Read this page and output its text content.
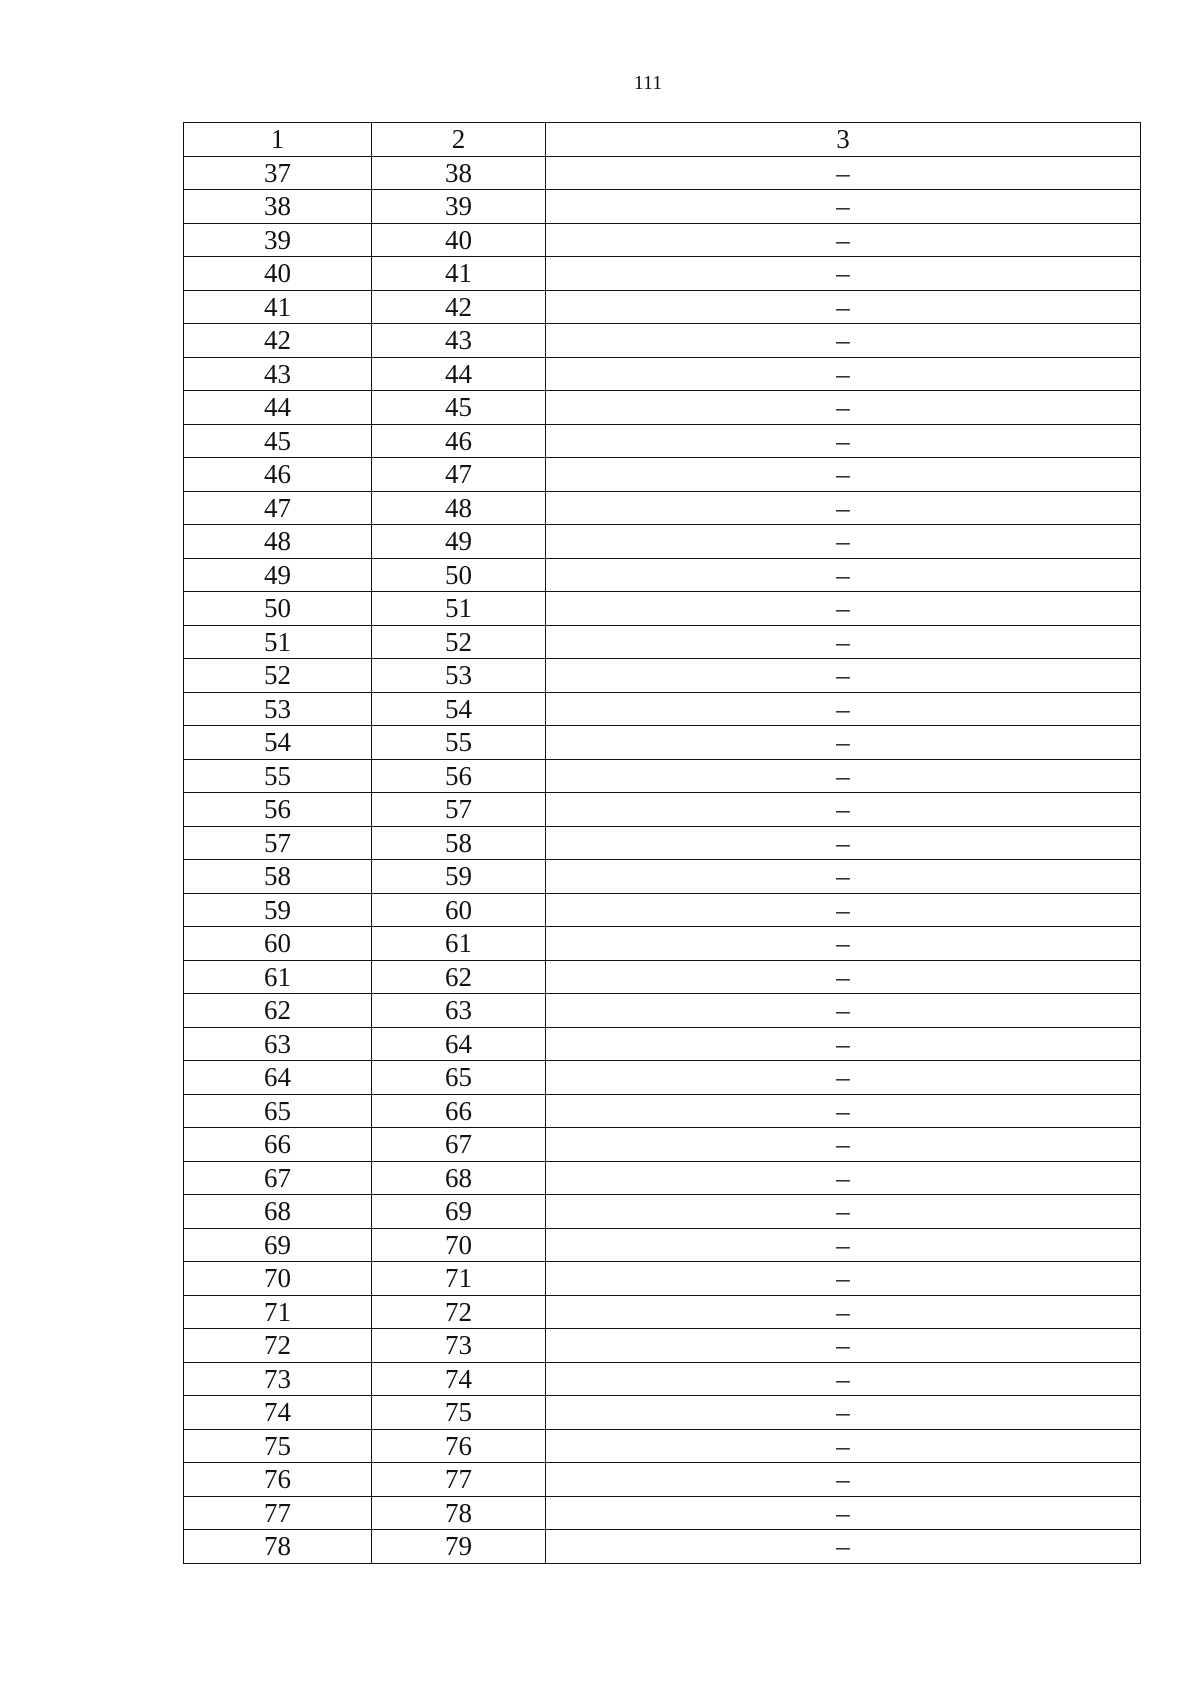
111
1	2	3
37	38	–
38	39	–
39	40	–
40	41	–
41	42	–
42	43	–
43	44	–
44	45	–
45	46	–
46	47	–
47	48	–
48	49	–
49	50	–
50	51	–
51	52	–
52	53	–
53	54	–
54	55	–
55	56	–
56	57	–
57	58	–
58	59	–
59	60	–
60	61	–
61	62	–
62	63	–
63	64	–
64	65	–
65	66	–
66	67	–
67	68	–
68	69	–
69	70	–
70	71	–
71	72	–
72	73	–
73	74	–
74	75	–
75	76	–
76	77	–
77	78	–
78	79	–
